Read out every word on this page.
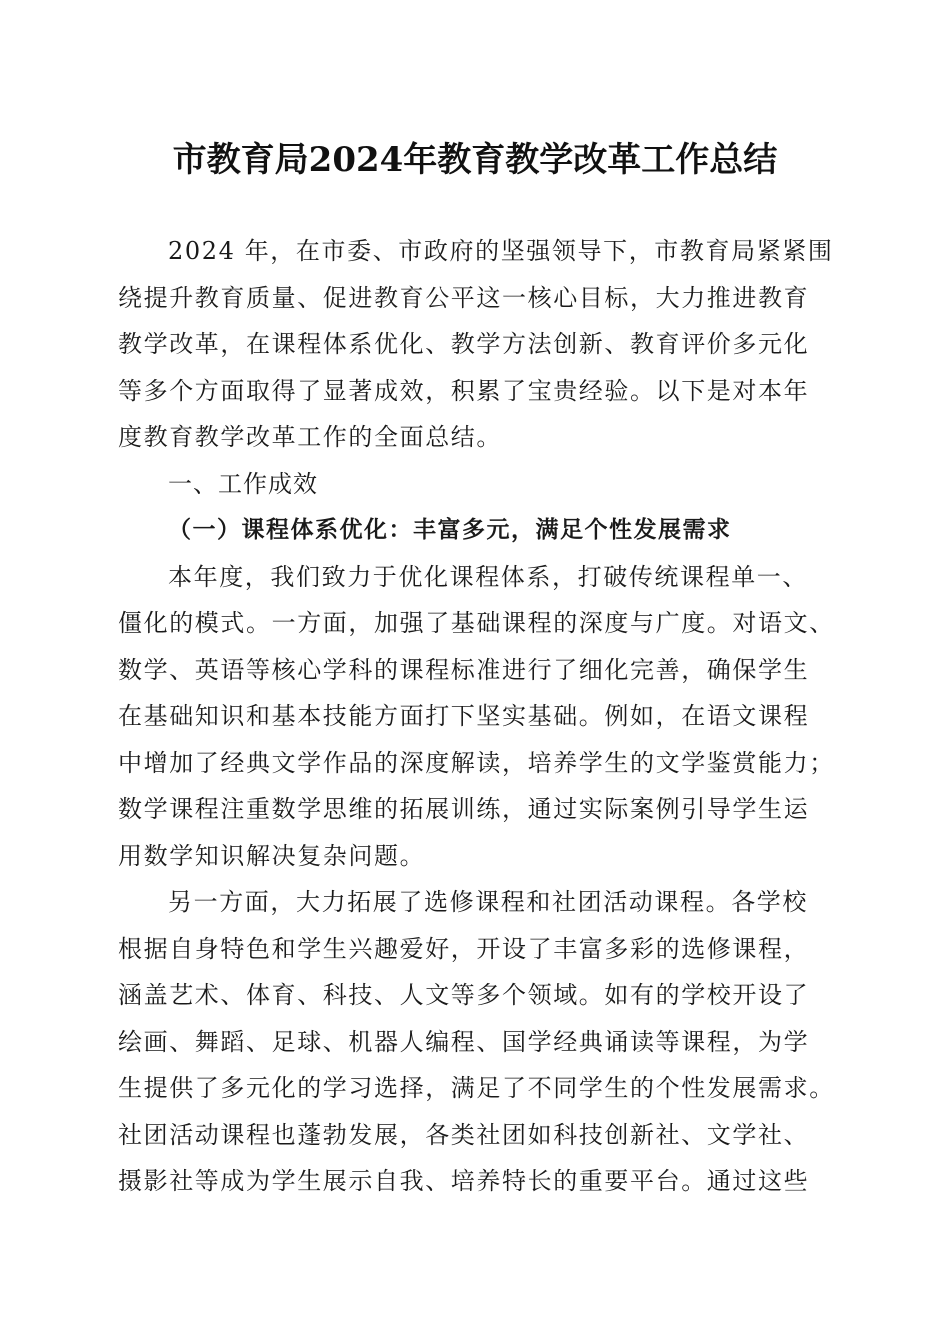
市教育局2024年教育教学改革工作总结
2024 年，在市委、市政府的坚强领导下，市教育局紧紧围
绕提升教育质量、促进教育公平这一核心目标，大力推进教育
教学改革，在课程体系优化、教学方法创新、教育评价多元化
等多个方面取得了显著成效，积累了宝贵经验。以下是对本年
度教育教学改革工作的全面总结。
一、工作成效
（一）课程体系优化：丰富多元，满足个性发展需求
本年度，我们致力于优化课程体系，打破传统课程单一、
僵化的模式。一方面，加强了基础课程的深度与广度。对语文、
数学、英语等核心学科的课程标准进行了细化完善，确保学生
在基础知识和基本技能方面打下坚实基础。例如，在语文课程
中增加了经典文学作品的深度解读，培养学生的文学鉴赏能力；
数学课程注重数学思维的拓展训练，通过实际案例引导学生运
用数学知识解决复杂问题。
另一方面，大力拓展了选修课程和社团活动课程。各学校
根据自身特色和学生兴趣爱好，开设了丰富多彩的选修课程，
涵盖艺术、体育、科技、人文等多个领域。如有的学校开设了
绘画、舞蹈、足球、机器人编程、国学经典诵读等课程，为学
生提供了多元化的学习选择，满足了不同学生的个性发展需求。
社团活动课程也蓬勃发展，各类社团如科技创新社、文学社、
摄影社等成为学生展示自我、培养特长的重要平台。通过这些
